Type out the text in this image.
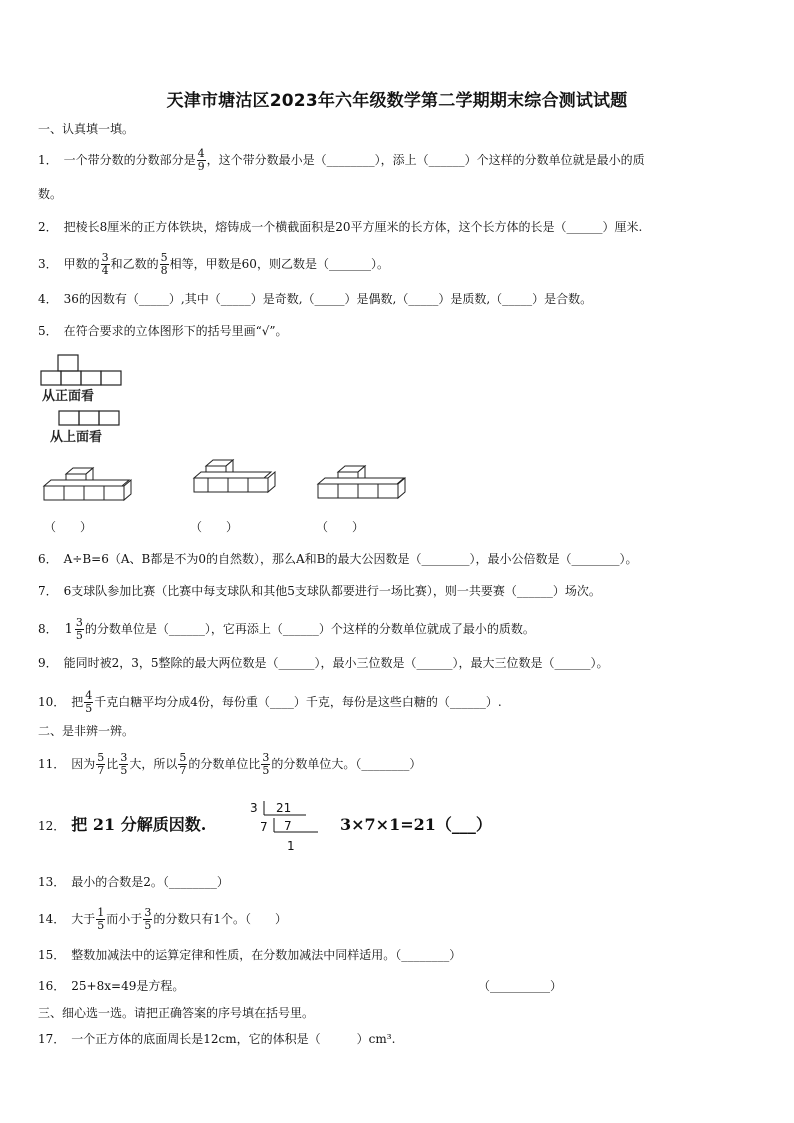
天津市塘沽区2023年六年级数学第二学期期末综合测试试题
一、认真填一填。
1． 一个带分数的分数部分是 $\frac{4}{9}$ ，这个带分数最小是（________），添上（______）个这样的分数单位就是最小的质
数。
2． 把棱长8厘米的正方体铁块，熔铸成一个横截面积是20平方厘米的长方体，这个长方体的长是（______）厘米.
3． 甲数的 $\frac{3}{4}$ 和乙数的 $\frac{5}{8}$ 相等，甲数是60，则乙数是（_______）。
4． 36的因数有（_____）,其中（_____）是奇数,（_____）是偶数,（_____）是质数,（_____）是合数。
5． 在符合要求的立体图形下的括号里画“√”。
从正面看
从上面看
（　　）	（　　）	（　　）
6． A÷B=6（A、B都是不为0的自然数），那么A和B的最大公因数是（________），最小公倍数是（________）。
7． 6支球队参加比赛（比赛中每支球队和其他5支球队都要进行一场比赛），则一共要赛（______）场次。
8． $1 \frac{3}{5}$ 的分数单位是（______），它再添上（______）个这样的分数单位就成了最小的质数。
9． 能同时被2，3，5整除的最大两位数是（______），最小三位数是（______），最大三位数是（______）。
10． 把 $\frac{4}{5}$ 千克白糖平均分成4份，每份重（____）千克，每份是这些白糖的（______）.
二、是非辨一辨。
11． 因为 $\frac{5}{7}$ 比 $\frac{3}{5}$ 大，所以 $\frac{5}{7}$ 的分数单位比 $\frac{3}{5}$ 的分数单位大。（________）
12． 把 21 分解质因数.
3 21
7 7
1
3×7×1=21（___）
13． 最小的合数是2。（________）
14． 大于 $\frac{1}{5}$ 而小于 $\frac{3}{5}$ 的分数只有1个。（　　）
15． 整数加减法中的运算定律和性质，在分数加减法中同样适用。（________）
16． 25+8x=49是方程。	（__________）
三、细心选一选。请把正确答案的序号填在括号里。
17． 一个正方体的底面周长是12cm，它的体积是（　　　）cm³.
